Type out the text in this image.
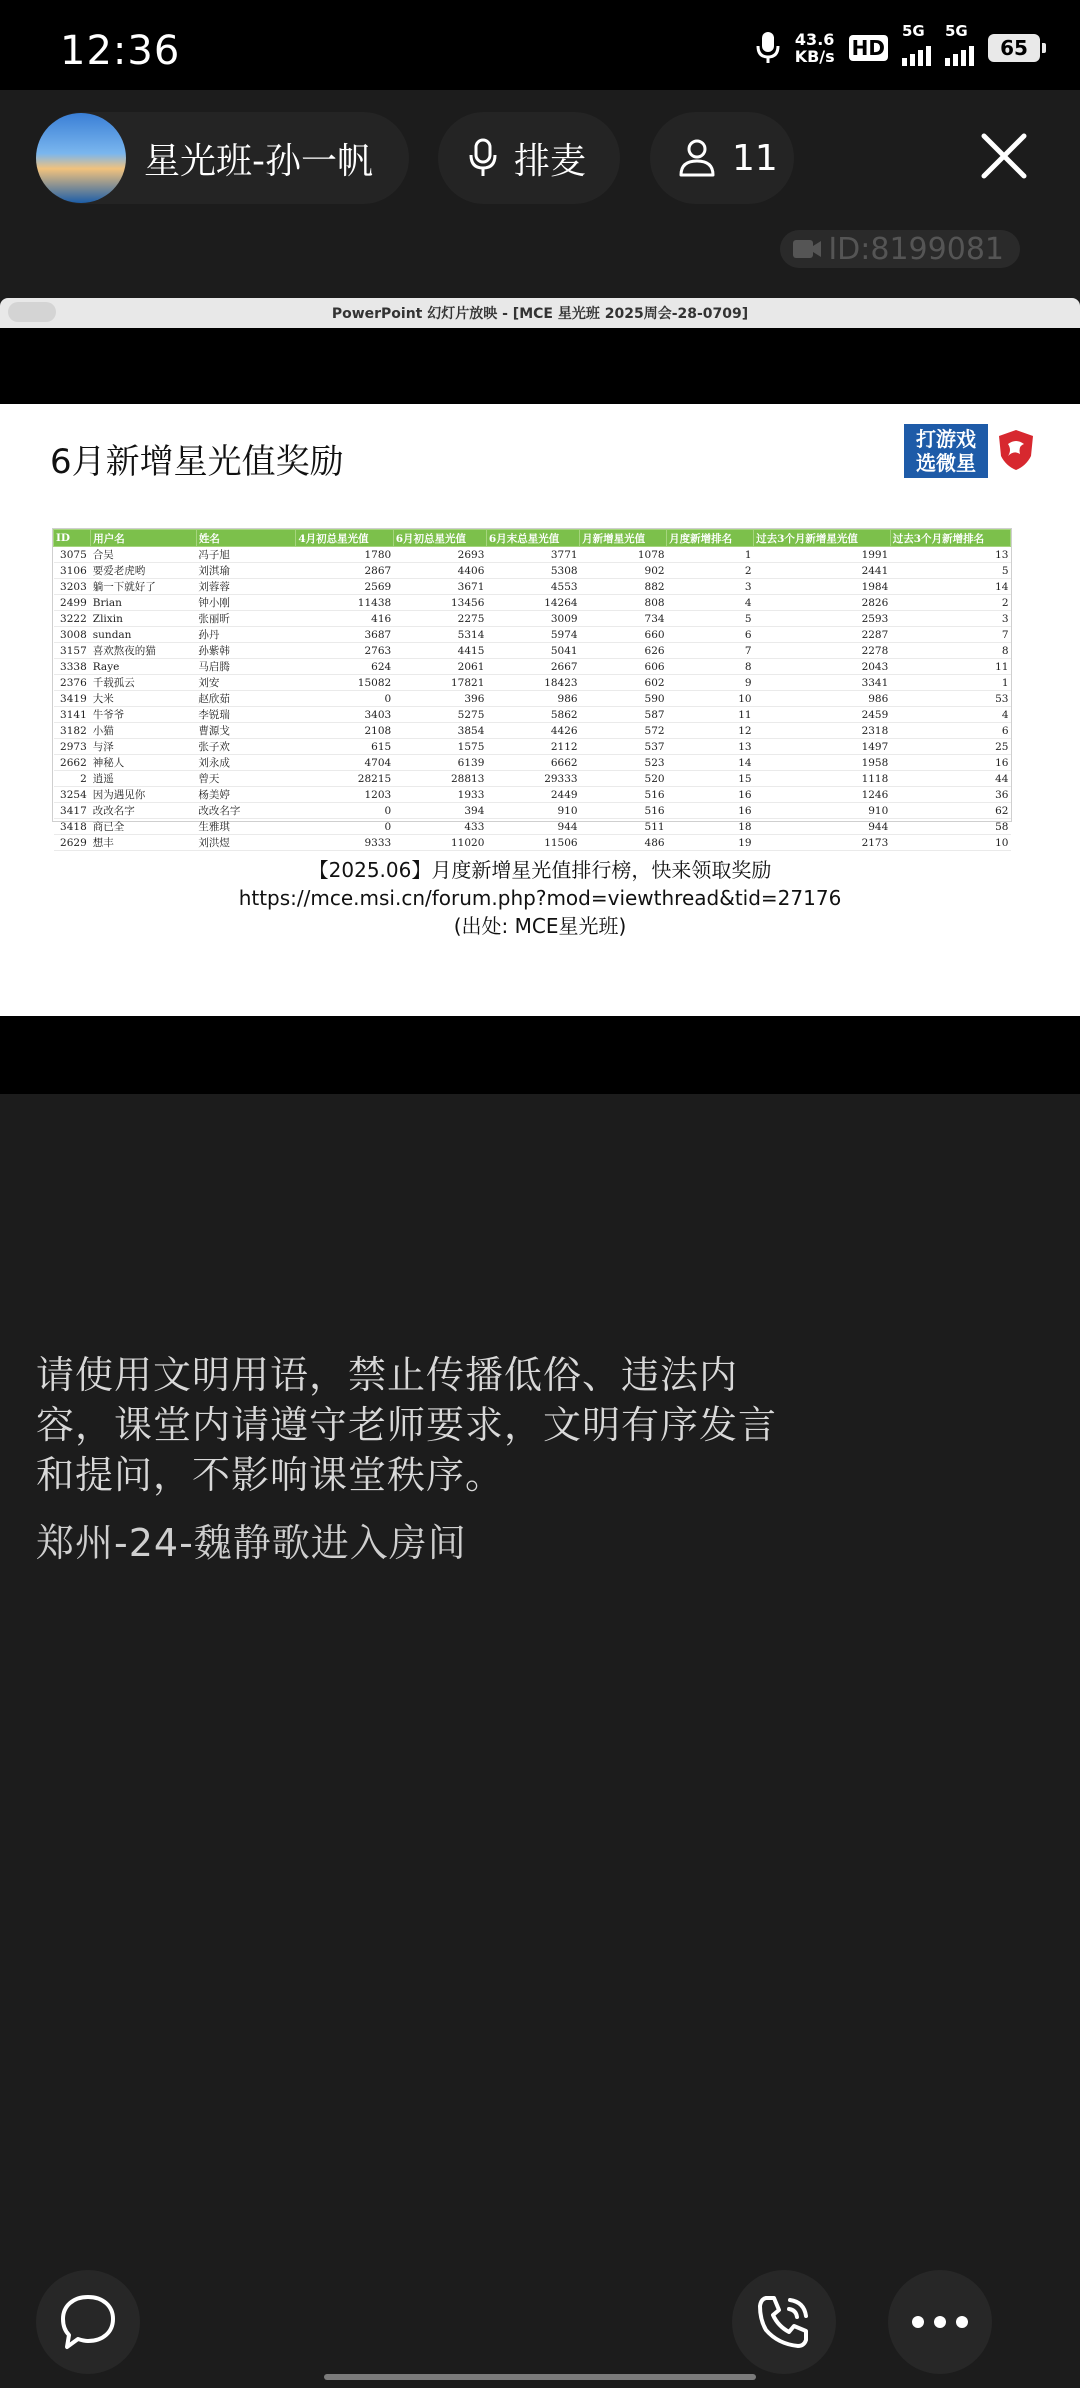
12:36	43.6
KB/s HD
5G 5G
65
星光班-孙一帆	排麦	11
ID:8199081
PowerPoint 幻灯片放映 - [MCE 星光班 2025周会-28-0709]
6月新增星光值奖励
打游戏
选微星
ID	用户名	姓名	4月初总星光值	6月初总星光值	6月末总星光值	月新增星光值	月度新增排名	过去3个月新增星光值	过去3个月新增排名
3075	合吴	冯子旭	1780	2693	3771	1078	1	1991	13
3106	要爱老虎哟	刘淇瑜	2867	4406	5308	902	2	2441	5
3203	躺一下就好了	刘蓉蓉	2569	3671	4553	882	3	1984	14
2499	Brian	钟小刚	11438	13456	14264	808	4	2826	2
3222	Zlixin	张丽昕	416	2275	3009	734	5	2593	3
3008	sundan	孙丹	3687	5314	5974	660	6	2287	7
3157	喜欢熬夜的猫	孙紫韩	2763	4415	5041	626	7	2278	8
3338	Raye	马启腾	624	2061	2667	606	8	2043	11
2376	千载孤云	刘安	15082	17821	18423	602	9	3341	1
3419	大米	赵欣茹	0	396	986	590	10	986	53
3141	牛爷爷	李锐瑞	3403	5275	5862	587	11	2459	4
3182	小猫	曹源戈	2108	3854	4426	572	12	2318	6
2973	与泽	张子欢	615	1575	2112	537	13	1497	25
2662	神秘人	刘永成	4704	6139	6662	523	14	1958	16
2	逍遥	曾天	28215	28813	29333	520	15	1118	44
3254	因为遇见你	杨美婷	1203	1933	2449	516	16	1246	36
3417	改改名字	改改名字	0	394	910	516	16	910	62
3418	商已全	生雅琪	0	433	944	511	18	944	58
2629	想丰	刘洪煜	9333	11020	11506	486	19	2173	10
【2025.06】月度新增星光值排行榜，快来领取奖励
https://mce.msi.cn/forum.php?mod=viewthread&tid=27176
(出处: MCE星光班)
请使用文明用语，禁止传播低俗、违法内容，课堂内请遵守老师要求，文明有序发言和提问，不影响课堂秩序。
郑州-24-魏静歌进入房间
